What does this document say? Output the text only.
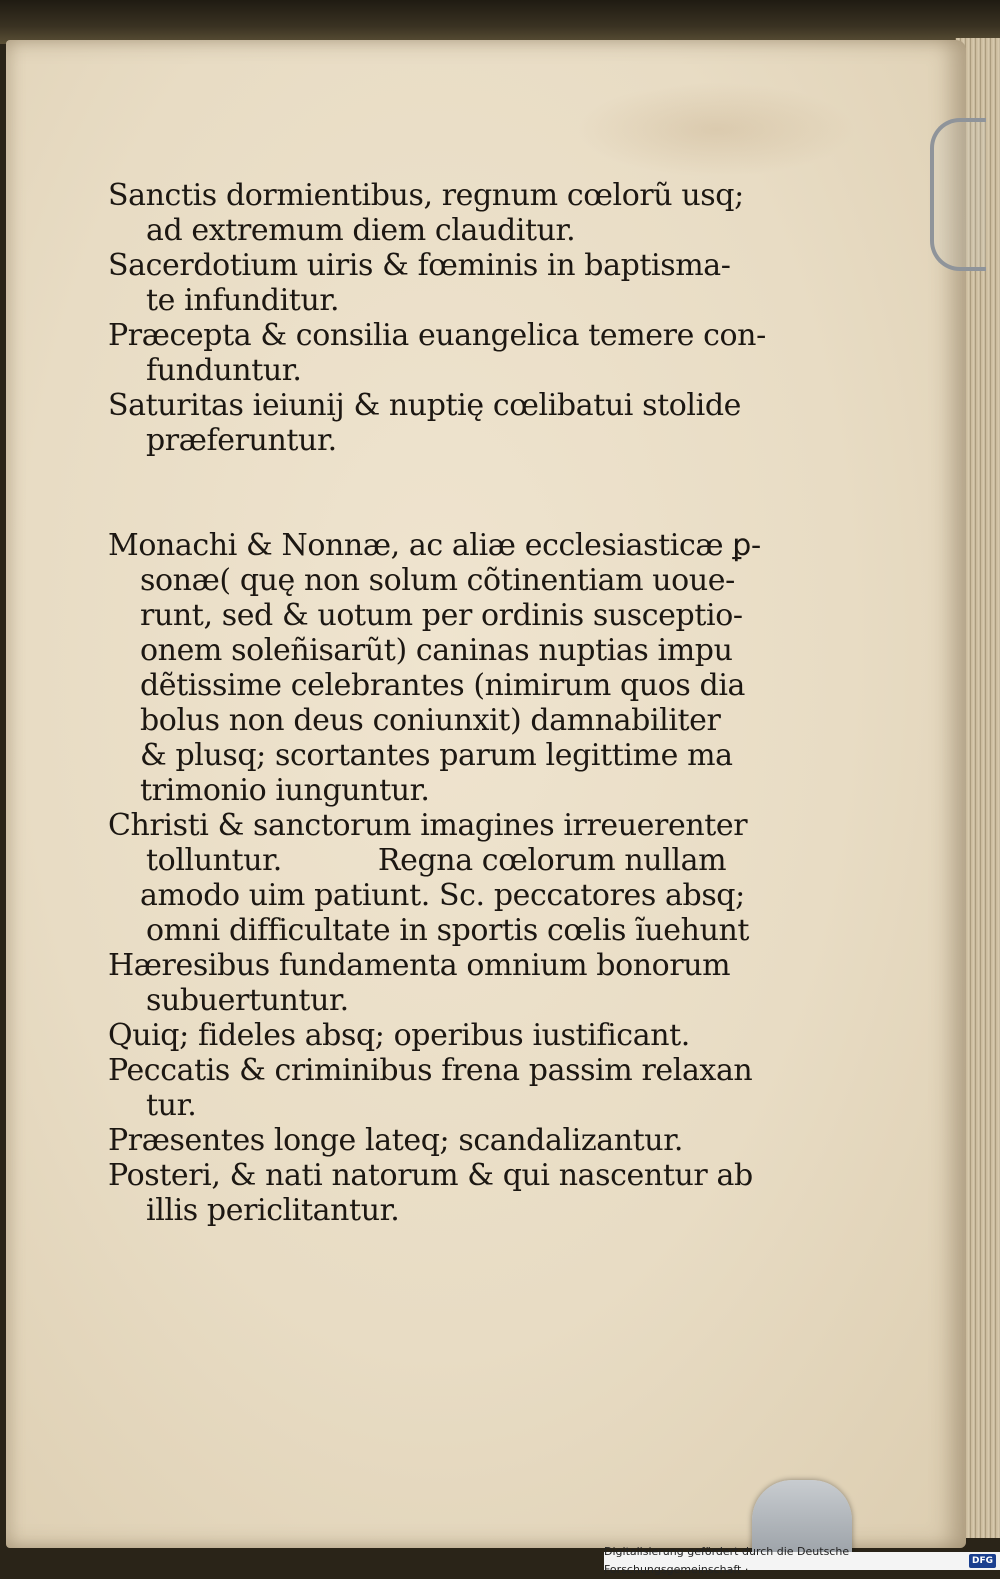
Sanctis dormientibus, regnum cœlorũ usq;
ad extremum diem clauditur.
Sacerdotium uiris & fœminis in baptisma-
te infunditur.
Præcepta & consilia euangelica temere con-
funduntur.
Saturitas ieiunij & nuptię cœlibatui stolide
præferuntur.
Monachi & Nonnæ, ac aliæ ecclesiasticæ ꝑ-
sonæ( quę non solum cõtinentiam uoue-
runt, sed & uotum per ordinis susceptio-
onem soleñisarũt) caninas nuptias impu
dẽtissime celebrantes (nimirum quos dia
bolus non deus coniunxit) damnabiliter
& plusq; scortantes parum legittime ma
trimonio iunguntur.
Christi & sanctorum imagines irreuerenter
tolluntur.	Regna cœlorum nullam
amodo uim patiunt. Sc. peccatores absq;
omni difficultate in sportis cœlis ĩuehunt
Hæresibus fundamenta omnium bonorum
subuertuntur.
Quiq; fideles absq; operibus iustificant.
Peccatis & criminibus frena passim relaxan
tur.
Præsentes longe lateq; scandalizantur.
Posteri, & nati natorum & qui nascentur ab
illis periclitantur.
Digitalisierung gefördert durch die Deutsche Forschungsgemeinschaft ·
DFG
